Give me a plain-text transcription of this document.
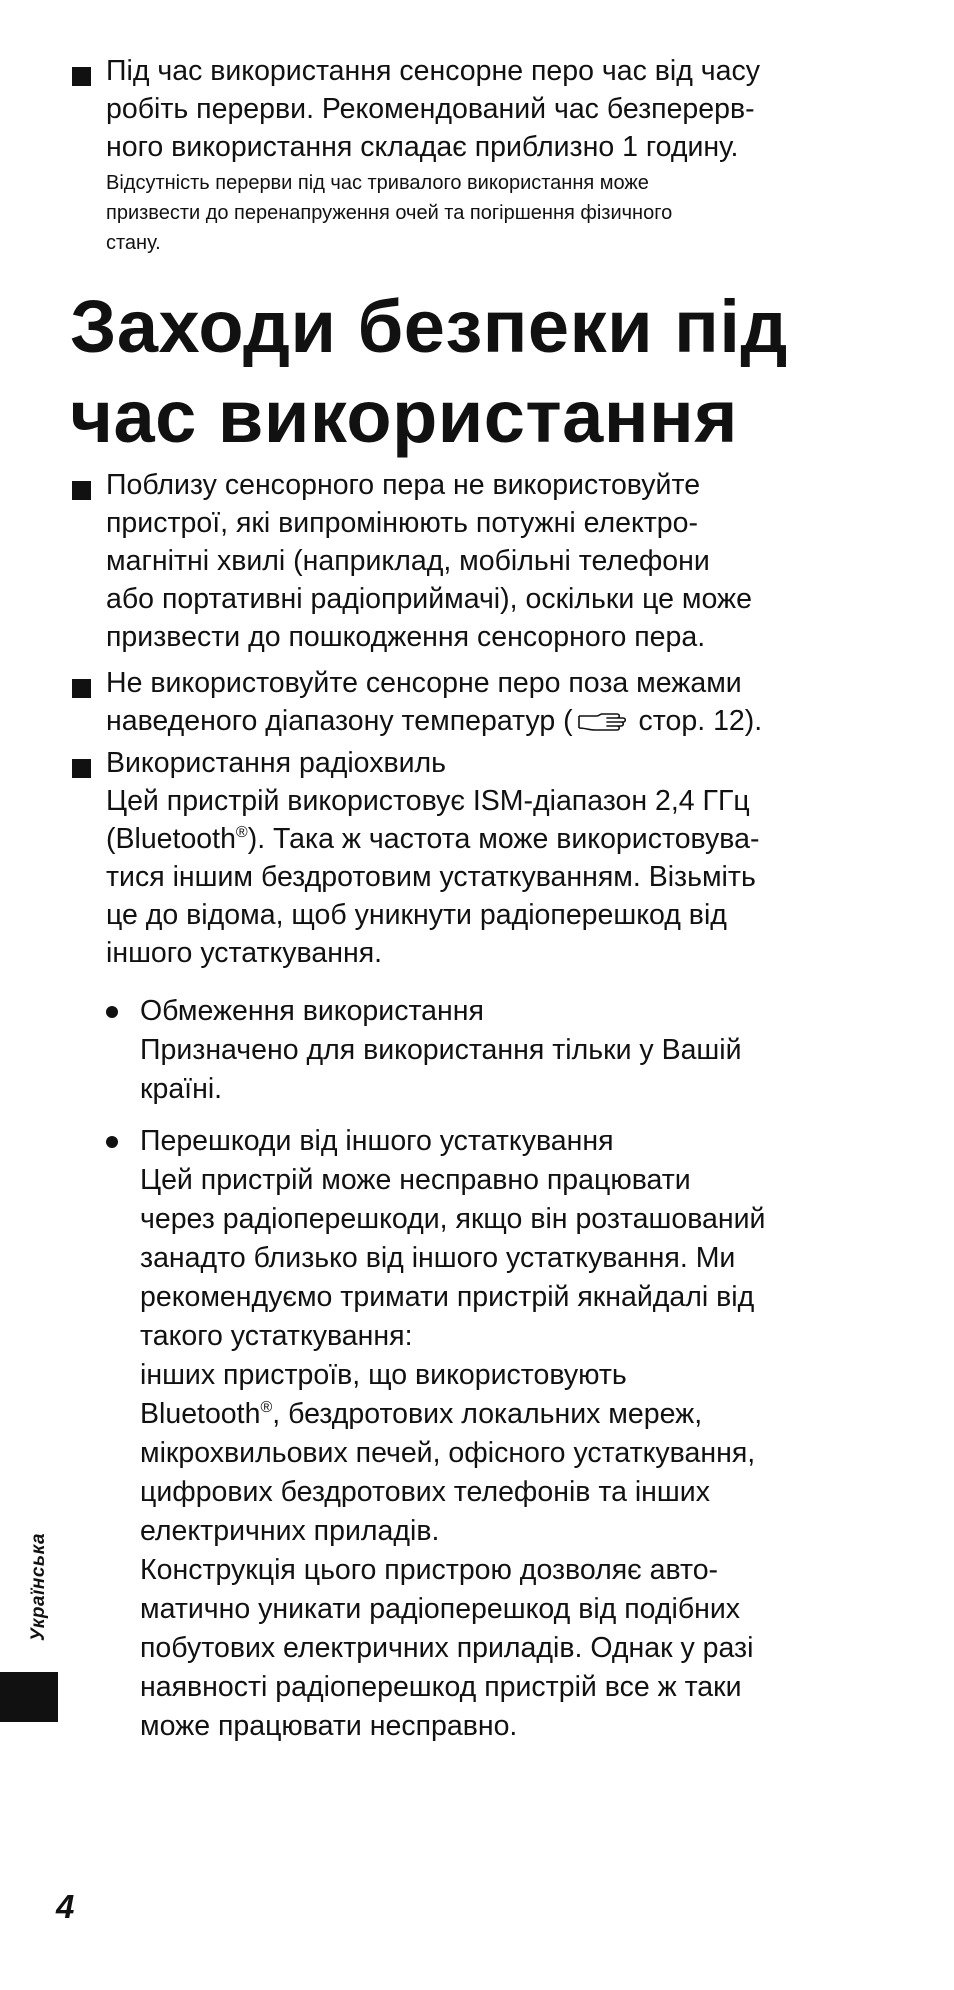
Під час використання сенсорне перо час від часу
робіть перерви. Рекомендований час безперерв-
ного використання складає приблизно 1 годину.
Відсутність перерви під час тривалого використання може
призвести до перенапруження очей та погіршення фізичного
стану.
Заходи безпеки під
час використання
Поблизу сенсорного пера не використовуйте
пристрої, які випромінюють потужні електро-
магнітні хвилі (наприклад, мобільні телефони
або портативні радіоприймачі), оскільки це може
призвести до пошкодження сенсорного пера.
Не використовуйте сенсорне перо поза межами
наведеного діапазону температур ( стор. 12).
Використання радіохвиль
Цей пристрій використовує ISM-діапазон 2,4 ГГц
(Bluetooth®). Така ж частота може використовува-
тися іншим бездротовим устаткуванням. Візьміть
це до відома, щоб уникнути радіоперешкод від
іншого устаткування.
Обмеження використання
Призначено для використання тільки у Вашій
країні.
Перешкоди від іншого устаткування
Цей пристрій може несправно працювати
через радіоперешкоди, якщо він розташований
занадто близько від іншого устаткування. Ми
рекомендуємо тримати пристрій якнайдалі від
такого устаткування:
інших пристроїв, що використовують
Bluetooth®, бездротових локальних мереж,
мікрохвильових печей, офісного устаткування,
цифрових бездротових телефонів та інших
електричних приладів.
Конструкція цього пристрою дозволяє авто-
матично уникати радіоперешкод від подібних
побутових електричних приладів. Однак у разі
наявності радіоперешкод пристрій все ж таки
може працювати несправно.
Українська
4
